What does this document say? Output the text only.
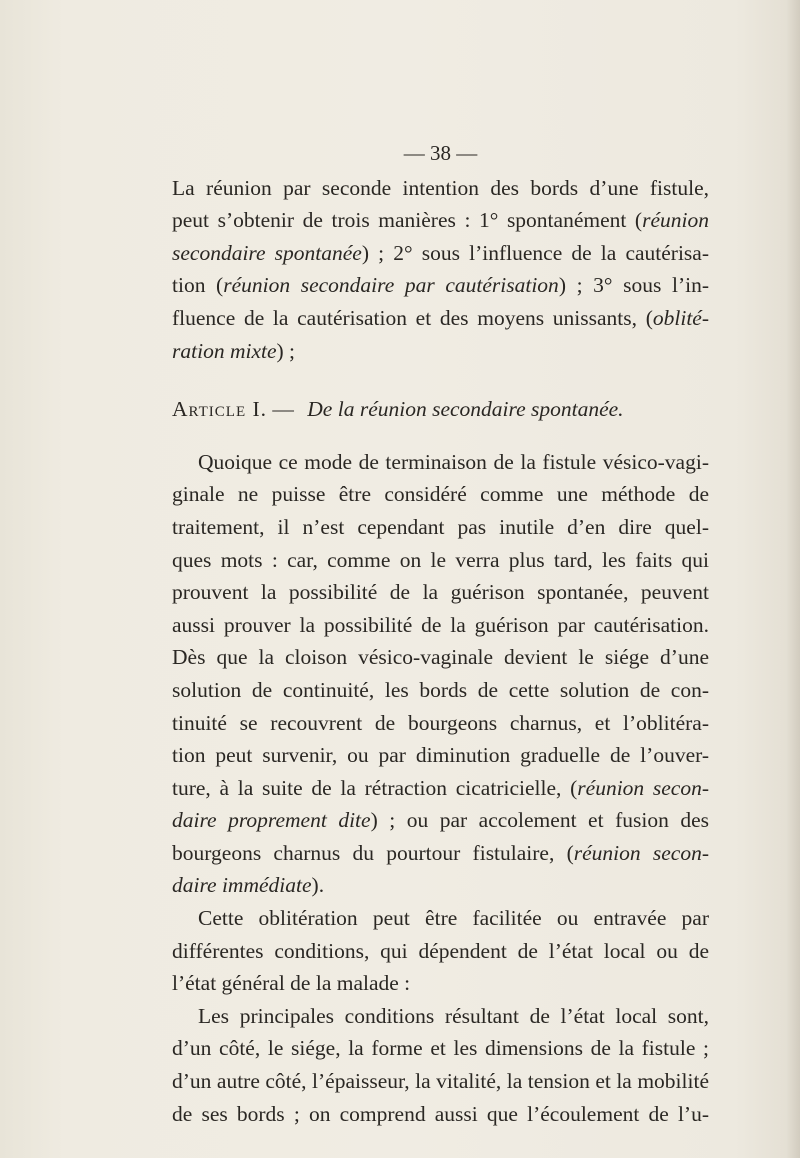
— 38 —

La réunion par seconde intention des bords d’une fistule,
peut s’obtenir de trois manières : 1° spontanément (réunion
secondaire spontanée) ; 2° sous l’influence de la cautérisa-
tion (réunion secondaire par cautérisation) ; 3° sous l’in-
fluence de la cautérisation et des moyens unissants, (oblité-
ration mixte) ;

Article I. — De la réunion secondaire spontanée.

Quoique ce mode de terminaison de la fistule vésico-vagi-
ginale ne puisse être considéré comme une méthode de
traitement, il n’est cependant pas inutile d’en dire quel-
ques mots : car, comme on le verra plus tard, les faits qui
prouvent la possibilité de la guérison spontanée, peuvent
aussi prouver la possibilité de la guérison par cautérisation.
Dès que la cloison vésico-vaginale devient le siége d’une
solution de continuité, les bords de cette solution de con-
tinuité se recouvrent de bourgeons charnus, et l’oblitéra-
tion peut survenir, ou par diminution graduelle de l’ouver-
ture, à la suite de la rétraction cicatricielle, (réunion secon-
daire proprement dite) ; ou par accolement et fusion des
bourgeons charnus du pourtour fistulaire, (réunion secon-
daire immédiate).

Cette oblitération peut être facilitée ou entravée par
différentes conditions, qui dépendent de l’état local ou de
l’état général de la malade :

Les principales conditions résultant de l’état local sont,
d’un côté, le siége, la forme et les dimensions de la fistule ;
d’un autre côté, l’épaisseur, la vitalité, la tension et la mobilité
de ses bords ; on comprend aussi que l’écoulement de l’u-
